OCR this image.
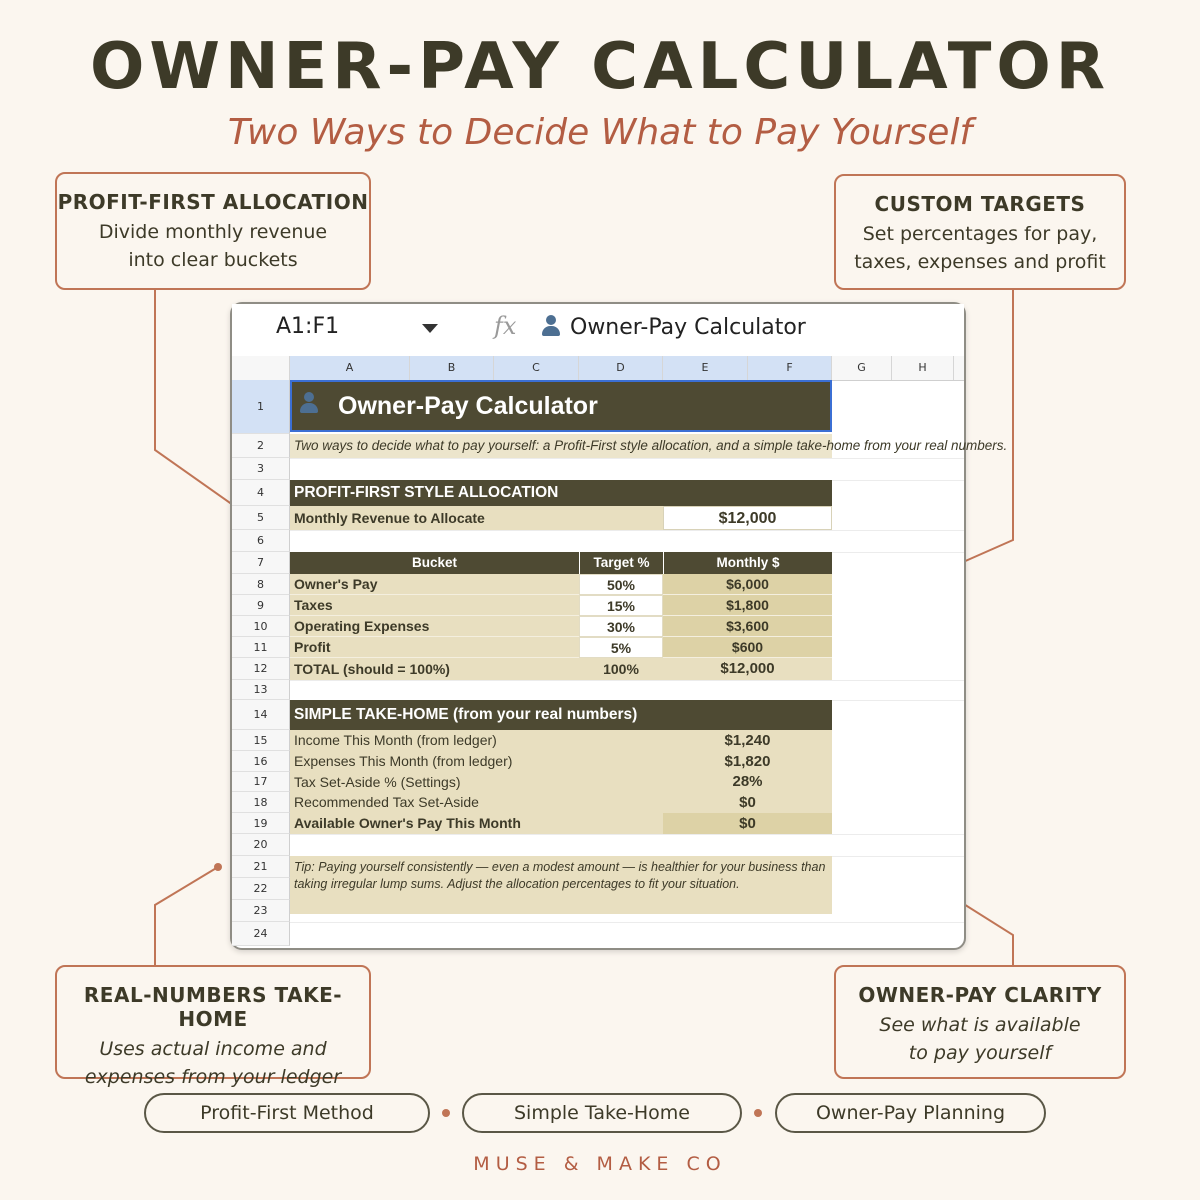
OWNER-PAY CALCULATOR
Two Ways to Decide What to Pay Yourself
PROFIT-FIRST ALLOCATION
Divide monthly revenue
into clear buckets
CUSTOM TARGETS
Set percentages for pay,
taxes, expenses and profit
REAL-NUMBERS TAKE-HOME
Uses actual income and
expenses from your ledger
OWNER-PAY CLARITY
See what is available
to pay yourself
A1:F1	fx	Owner-Pay Calculator
A	B	C	D	E	F	G	H
1
2
3
4
5
6
7
8
9
10
11
12
13
14
15
16
17
18
19
20
21
22
23
24
Owner-Pay Calculator
Two ways to decide what to pay yourself: a Profit-First style allocation, and a simple take-home from your real numbers.
PROFIT-FIRST STYLE ALLOCATION
Monthly Revenue to Allocate	$12,000
Bucket	Target %	Monthly $
Owner's Pay	50%	$6,000
Taxes	15%	$1,800
Operating Expenses	30%	$3,600
Profit	5%	$600
TOTAL (should = 100%)	100%	$12,000
SIMPLE TAKE-HOME (from your real numbers)
Income This Month (from ledger)	$1,240
Expenses This Month (from ledger)	$1,820
Tax Set-Aside % (Settings)	28%
Recommended Tax Set-Aside	$0
Available Owner's Pay This Month	$0
Tip: Paying yourself consistently — even a modest amount — is healthier for your business than taking irregular lump sums. Adjust the allocation percentages to fit your situation.
Profit-First Method	Simple Take-Home	Owner-Pay Planning
MUSE & MAKE CO
